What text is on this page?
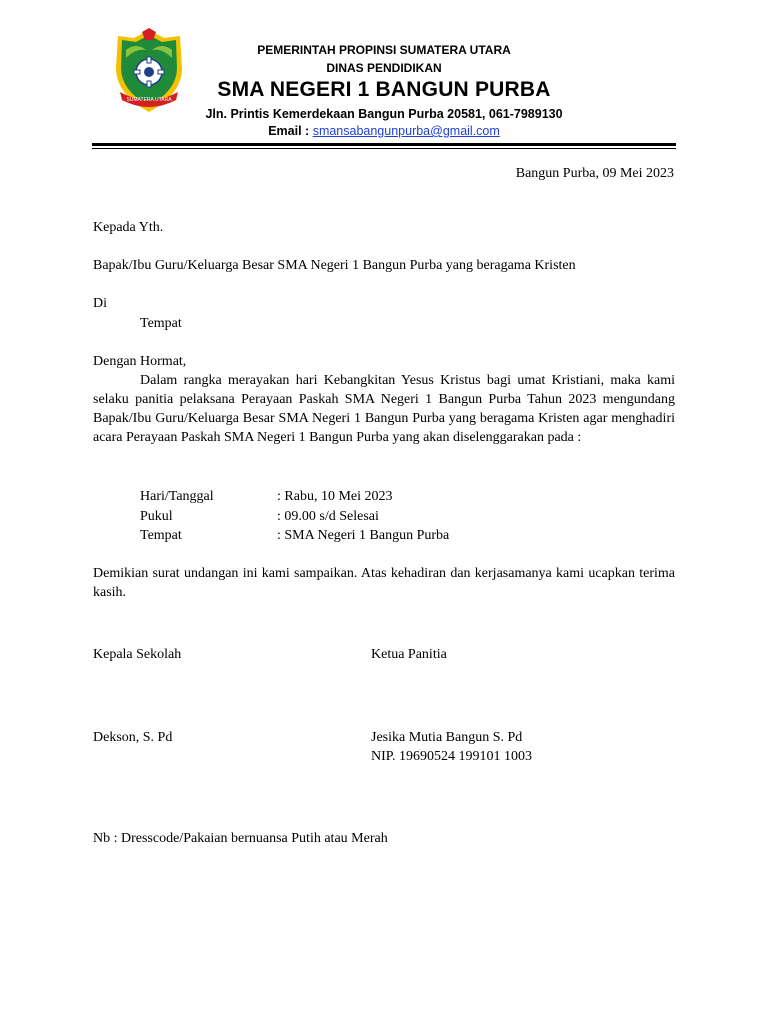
SUMATERA UTARA
PEMERINTAH PROPINSI SUMATERA UTARA
DINAS PENDIDIKAN
SMA NEGERI 1 BANGUN PURBA
Jln. Printis Kemerdekaan Bangun Purba 20581, 061-7989130
Email : smansabangunpurba@gmail.com
Bangun Purba, 09 Mei 2023
Kepada Yth.
Bapak/Ibu Guru/Keluarga Besar SMA Negeri 1 Bangun Purba yang beragama Kristen
Di
Tempat
Dengan Hormat,
Dalam rangka merayakan hari Kebangkitan Yesus Kristus bagi umat Kristiani, maka kami selaku panitia pelaksana Perayaan Paskah SMA Negeri 1 Bangun Purba Tahun 2023 mengundang Bapak/Ibu Guru/Keluarga Besar SMA Negeri 1 Bangun Purba yang beragama Kristen agar menghadiri acara Perayaan Paskah SMA Negeri 1 Bangun Purba yang akan diselenggarakan pada :
Hari/Tanggal	: Rabu, 10 Mei 2023
Pukul	: 09.00 s/d Selesai
Tempat	: SMA Negeri 1 Bangun Purba
Demikian surat undangan ini kami sampaikan. Atas kehadiran dan kerjasamanya kami ucapkan terima kasih.
Kepala Sekolah	Ketua Panitia
Dekson, S. Pd	Jesika Mutia Bangun S. Pd
NIP. 19690524 199101 1003
Nb : Dresscode/Pakaian bernuansa Putih atau Merah
